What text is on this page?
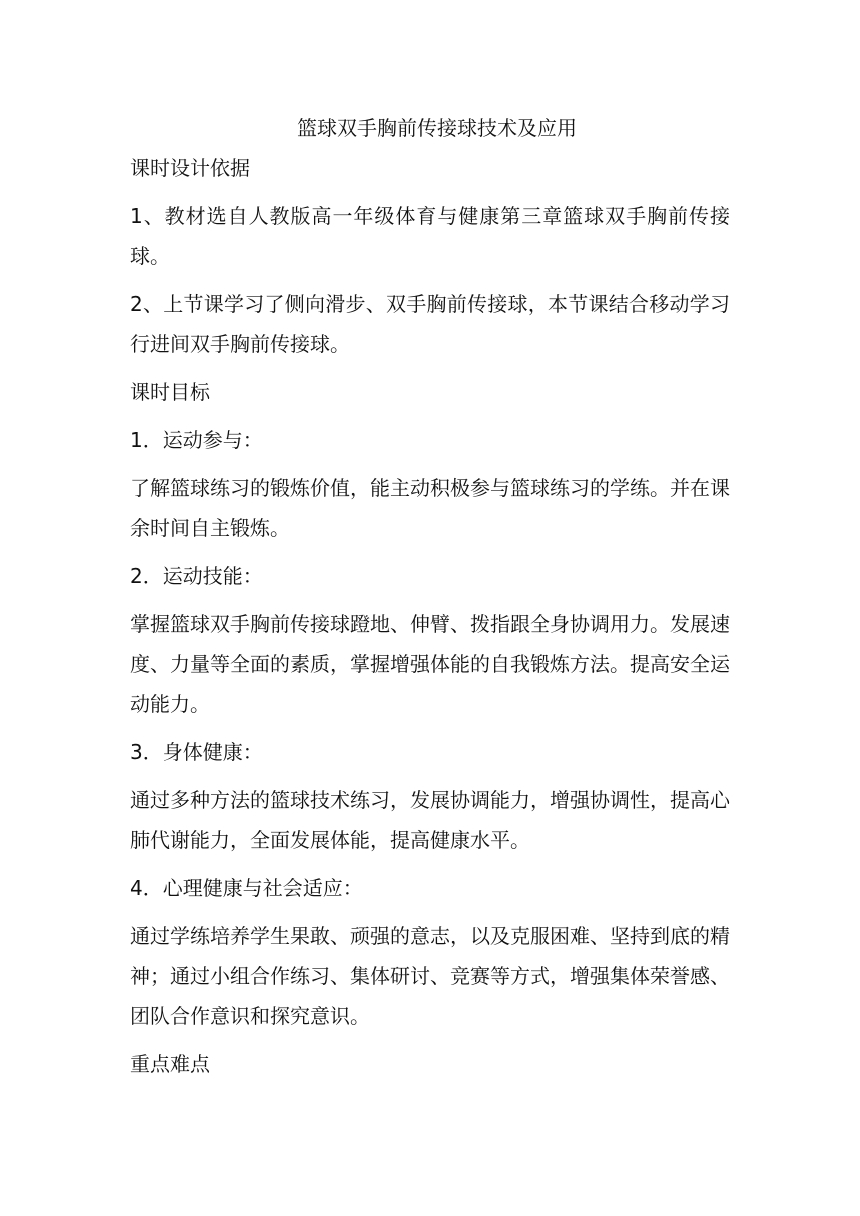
篮球双手胸前传接球技术及应用
课时设计依据

1、教材选自人教版高一年级体育与健康第三章篮球双手胸前传接球。

2、上节课学习了侧向滑步、双手胸前传接球，本节课结合移动学习行进间双手胸前传接球。

课时目标
1．运动参与：

了解篮球练习的锻炼价值，能主动积极参与篮球练习的学练。并在课余时间自主锻炼。

2．运动技能：

掌握篮球双手胸前传接球蹬地、伸臂、拨指跟全身协调用力。发展速度、力量等全面的素质，掌握增强体能的自我锻炼方法。提高安全运动能力。

3．身体健康：

通过多种方法的篮球技术练习，发展协调能力，增强协调性，提高心肺代谢能力，全面发展体能，提高健康水平。

4．心理健康与社会适应：

通过学练培养学生果敢、顽强的意志，以及克服困难、坚持到底的精神；通过小组合作练习、集体研讨、竞赛等方式，增强集体荣誉感、团队合作意识和探究意识。

重点难点
